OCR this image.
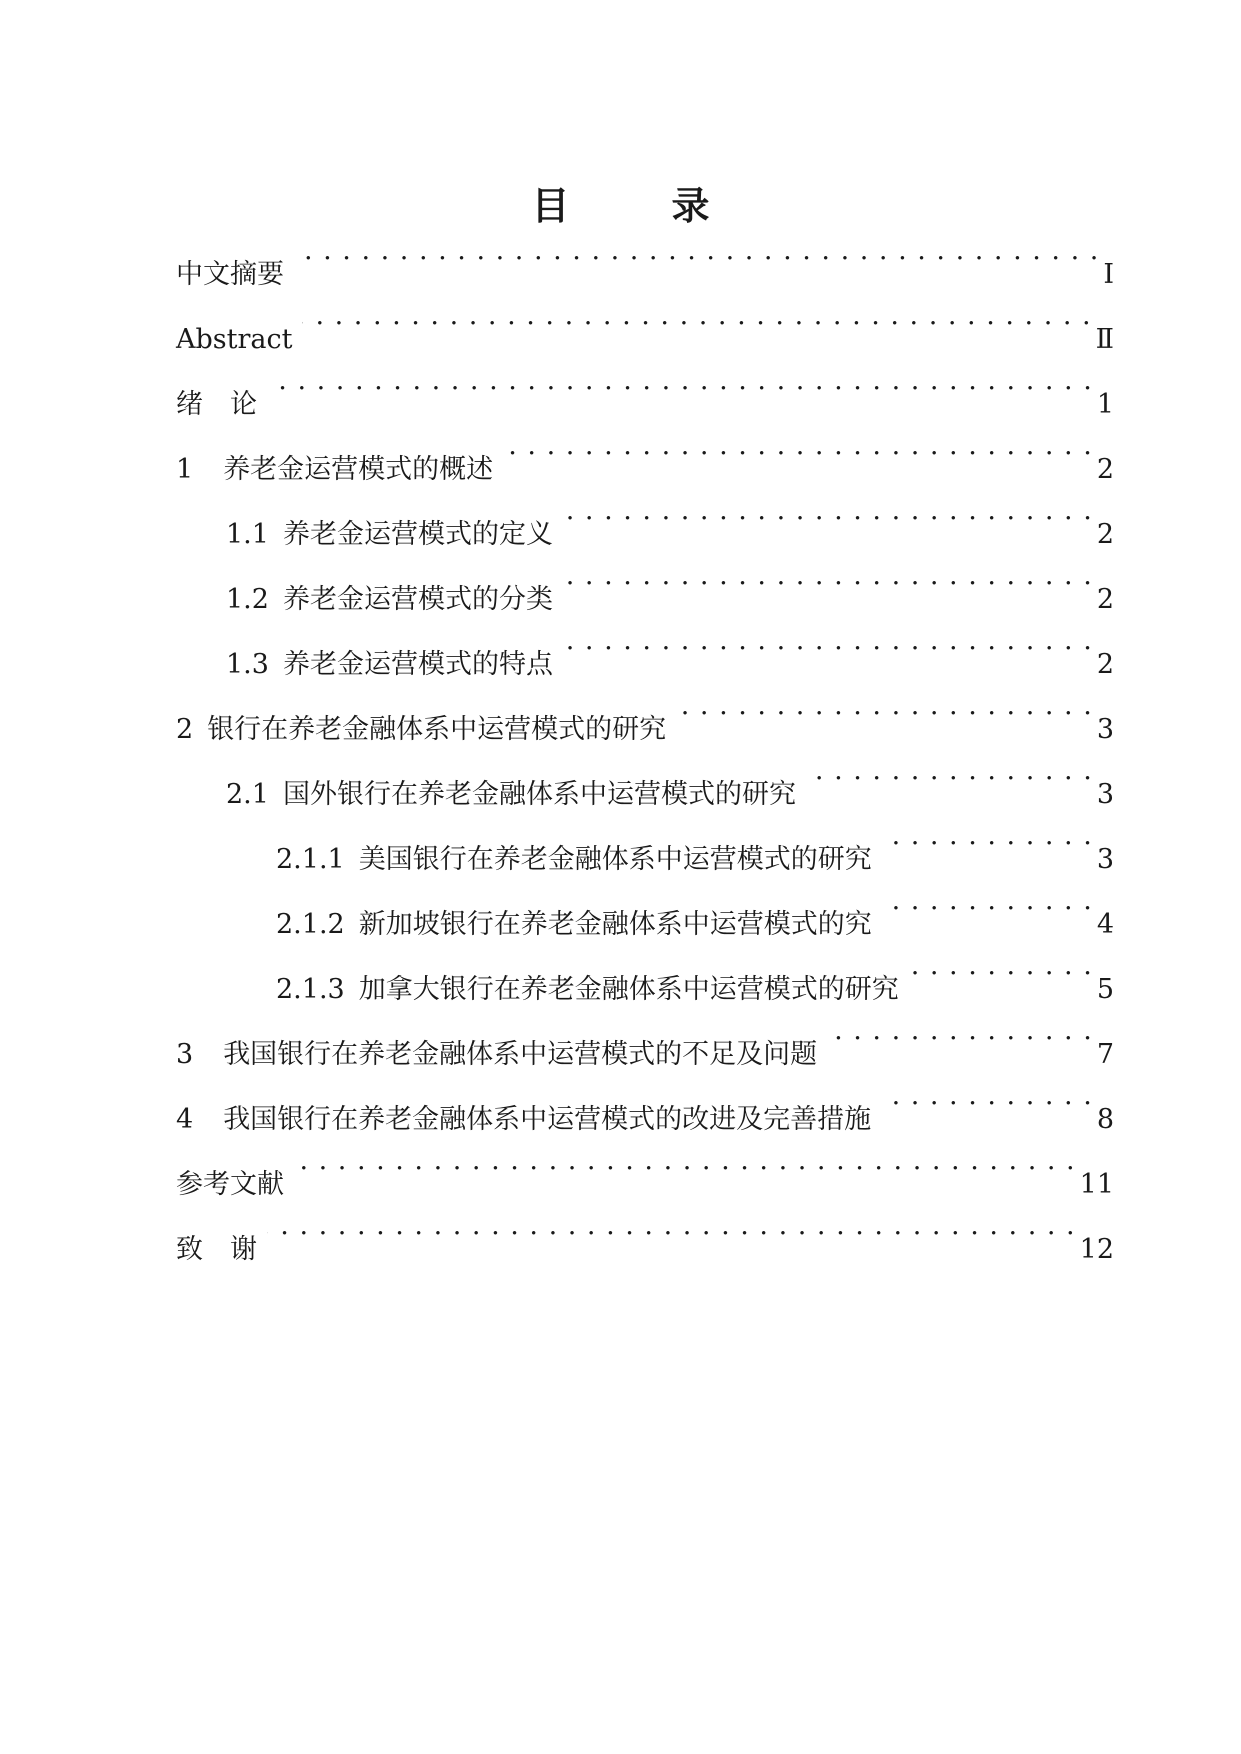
目　录
中文摘要 . . .	Ⅰ
Abstract . . .	Ⅱ
绪　论 . . .	1
1 养老金运营模式的概述 . . .	2
1.1 养老金运营模式的定义 . . .	2
1.2 养老金运营模式的分类 . . .	2
1.3 养老金运营模式的特点 . . .	2
2 银行在养老金融体系中运营模式的研究 . . .	3
2.1 国外银行在养老金融体系中运营模式的研究 . . .	3
2.1.1 美国银行在养老金融体系中运营模式的研究 . . .	3
2.1.2 新加坡银行在养老金融体系中运营模式的究 . . .	4
2.1.3 加拿大银行在养老金融体系中运营模式的研究 . . .	5
3 我国银行在养老金融体系中运营模式的不足及问题 . . .	7
4 我国银行在养老金融体系中运营模式的改进及完善措施 . . .	8
参考文献 . . .	11
致　谢 . . .	12
